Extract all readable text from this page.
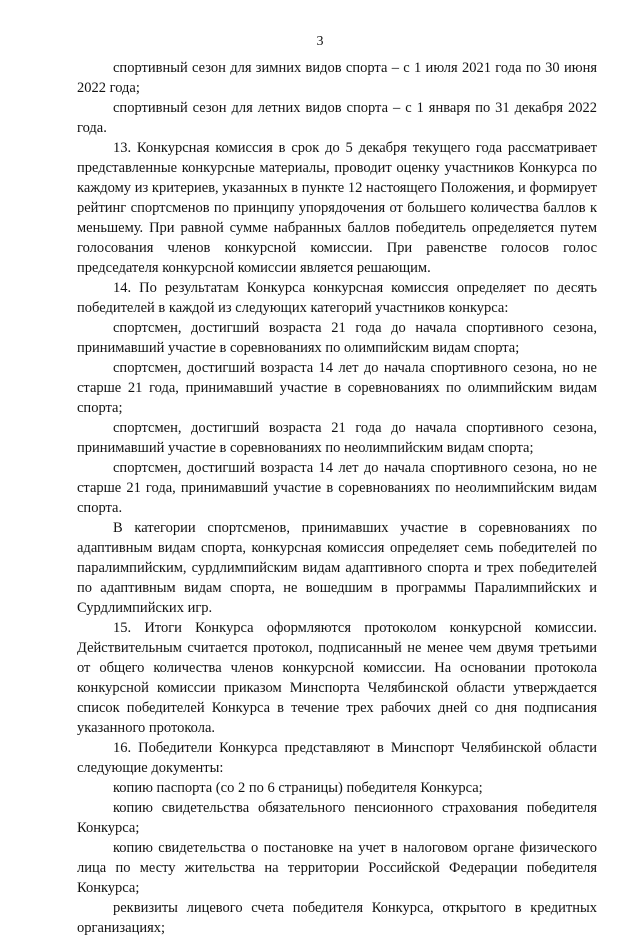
3

спортивный сезон для зимних видов спорта – с 1 июля 2021 года по 30 июня 2022 года;

спортивный сезон для летних видов спорта – с 1 января по 31 декабря 2022 года.

13. Конкурсная комиссия в срок до 5 декабря текущего года рассматривает представленные конкурсные материалы, проводит оценку участников Конкурса по каждому из критериев, указанных в пункте 12 настоящего Положения, и формирует рейтинг спортсменов по принципу упорядочения от большего количества баллов к меньшему. При равной сумме набранных баллов победитель определяется путем голосования членов конкурсной комиссии. При равенстве голосов голос председателя конкурсной комиссии является решающим.

14. По результатам Конкурса конкурсная комиссия определяет по десять победителей в каждой из следующих категорий участников конкурса:

спортсмен, достигший возраста 21 года до начала спортивного сезона, принимавший участие в соревнованиях по олимпийским видам спорта;

спортсмен, достигший возраста 14 лет до начала спортивного сезона, но не старше 21 года, принимавший участие в соревнованиях по олимпийским видам спорта;

спортсмен, достигший возраста 21 года до начала спортивного сезона, принимавший участие в соревнованиях по неолимпийским видам спорта;

спортсмен, достигший возраста 14 лет до начала спортивного сезона, но не старше 21 года, принимавший участие в соревнованиях по неолимпийским видам спорта.

В категории спортсменов, принимавших участие в соревнованиях по адаптивным видам спорта, конкурсная комиссия определяет семь победителей по паралимпийским, сурдлимпийским видам адаптивного спорта и трех победителей по адаптивным видам спорта, не вошедшим в программы Паралимпийских и Сурдлимпийских игр.

15. Итоги Конкурса оформляются протоколом конкурсной комиссии. Действительным считается протокол, подписанный не менее чем двумя третьими от общего количества членов конкурсной комиссии. На основании протокола конкурсной комиссии приказом Минспорта Челябинской области утверждается список победителей Конкурса в течение трех рабочих дней со дня подписания указанного протокола.

16. Победители Конкурса представляют в Минспорт Челябинской области следующие документы:

копию паспорта (со 2 по 6 страницы) победителя Конкурса;

копию свидетельства обязательного пенсионного страхования победителя Конкурса;

копию свидетельства о постановке на учет в налоговом органе физического лица по месту жительства на территории Российской Федерации победителя Конкурса;

реквизиты лицевого счета победителя Конкурса, открытого в кредитных организациях;
